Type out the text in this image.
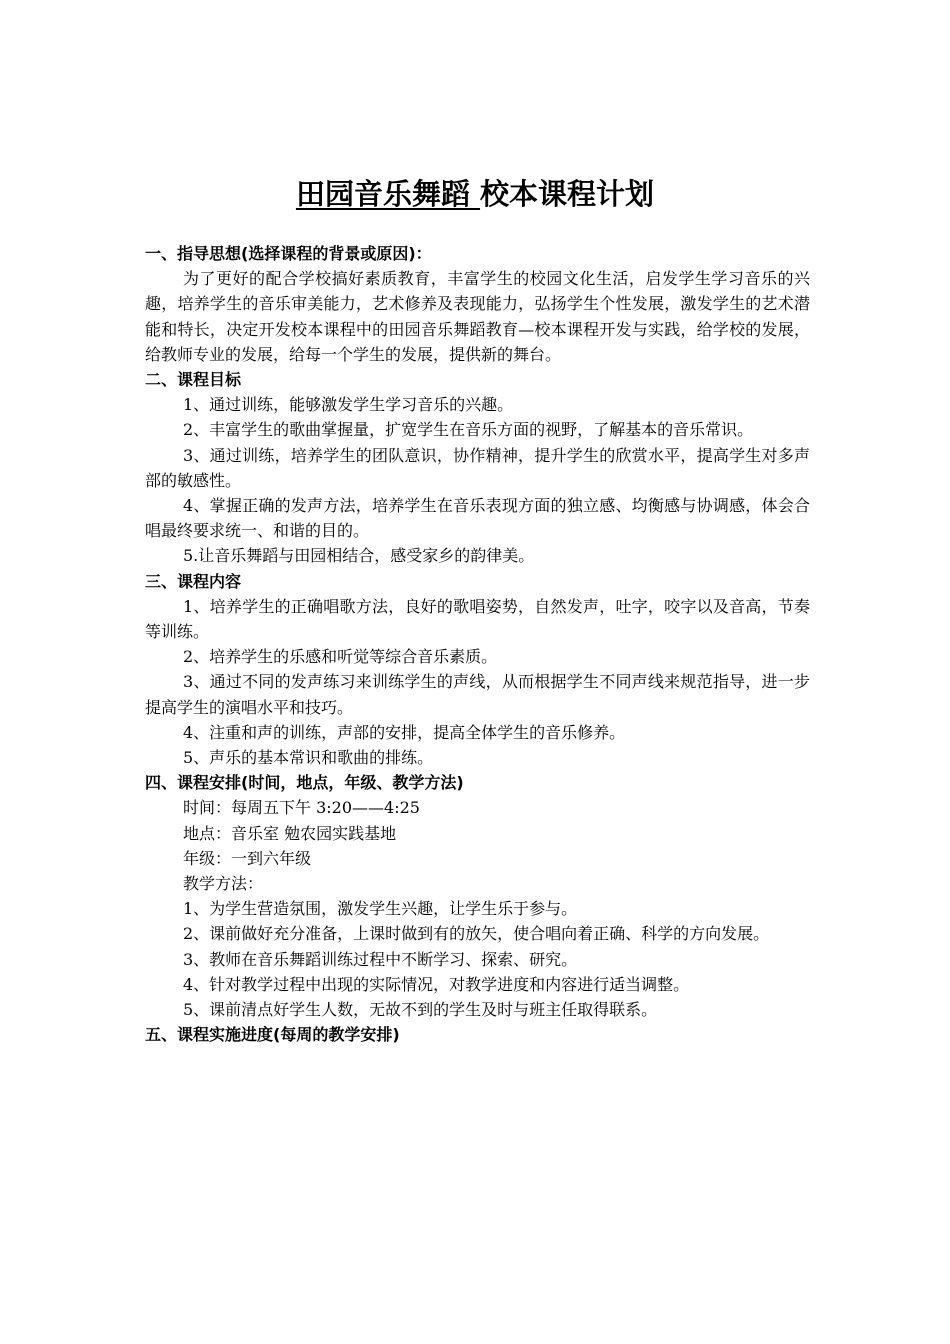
田园音乐舞蹈 校本课程计划
一、指导思想(选择课程的背景或原因)：
为了更好的配合学校搞好素质教育，丰富学生的校园文化生活，启发学生学习音乐的兴趣，培养学生的音乐审美能力，艺术修养及表现能力，弘扬学生个性发展，激发学生的艺术潜能和特长，决定开发校本课程中的田园音乐舞蹈教育—校本课程开发与实践，给学校的发展，给教师专业的发展，给每一个学生的发展，提供新的舞台。
二、课程目标
1、通过训练，能够激发学生学习音乐的兴趣。
2、丰富学生的歌曲掌握量，扩宽学生在音乐方面的视野，了解基本的音乐常识。
3、通过训练，培养学生的团队意识，协作精神，提升学生的欣赏水平，提高学生对多声部的敏感性。
4、掌握正确的发声方法，培养学生在音乐表现方面的独立感、均衡感与协调感，体会合唱最终要求统一、和谐的目的。
5.让音乐舞蹈与田园相结合，感受家乡的韵律美。
三、课程内容
1、培养学生的正确唱歌方法，良好的歌唱姿势，自然发声，吐字，咬字以及音高，节奏等训练。
2、培养学生的乐感和听觉等综合音乐素质。
3、通过不同的发声练习来训练学生的声线，从而根据学生不同声线来规范指导，进一步提高学生的演唱水平和技巧。
4、注重和声的训练，声部的安排，提高全体学生的音乐修养。
5、声乐的基本常识和歌曲的排练。
四、课程安排(时间，地点，年级、教学方法)
时间：每周五下午 3:20——4:25
地点：音乐室 勉农园实践基地
年级：一到六年级
教学方法：
1、为学生营造氛围，激发学生兴趣，让学生乐于参与。
2、课前做好充分准备，上课时做到有的放矢，使合唱向着正确、科学的方向发展。
3、教师在音乐舞蹈训练过程中不断学习、探索、研究。
4、针对教学过程中出现的实际情况，对教学进度和内容进行适当调整。
5、课前清点好学生人数，无故不到的学生及时与班主任取得联系。
五、课程实施进度(每周的教学安排)
